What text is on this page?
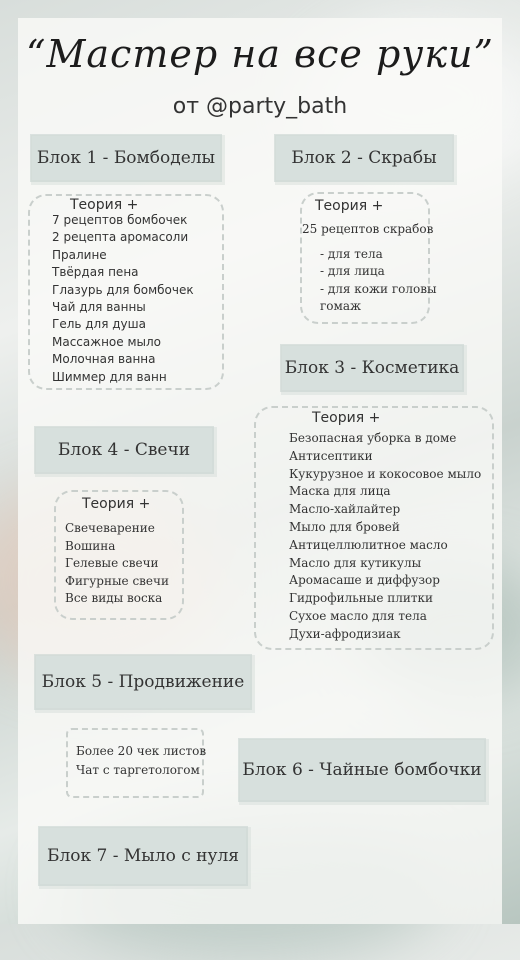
“Мастер на все руки”
от @party_bath
Блок 1 - Бомбоделы
Теория +
7 рецептов бомбочек
2 рецепта аромасоли
Пралине
Твёрдая пена
Глазурь для бомбочек
Чай для ванны
Гель для душа
Массажное мыло
Молочная ванна
Шиммер для ванн
Блок 2 - Скрабы
Теория +
25 рецептов скрабов
- для тела
- для лица
- для кожи головы
гомаж
Блок 3 - Косметика
Теория +
Безопасная уборка в доме
Антисептики
Кукурузное и кокосовое мыло
Маска для лица
Масло-хайлайтер
Мыло для бровей
Антицеллюлитное масло
Масло для кутикулы
Аромасаше и диффузор
Гидрофильные плитки
Сухое масло для тела
Духи-афродизиак
Блок 4 - Свечи
Теория +
Свечеварение
Вошина
Гелевые свечи
Фигурные свечи
Все виды воска
Блок 5 - Продвижение
Более 20 чек листов
Чат с таргетологом	Блок 6 - Чайные бомбочки
Блок 7 - Мыло с нуля
